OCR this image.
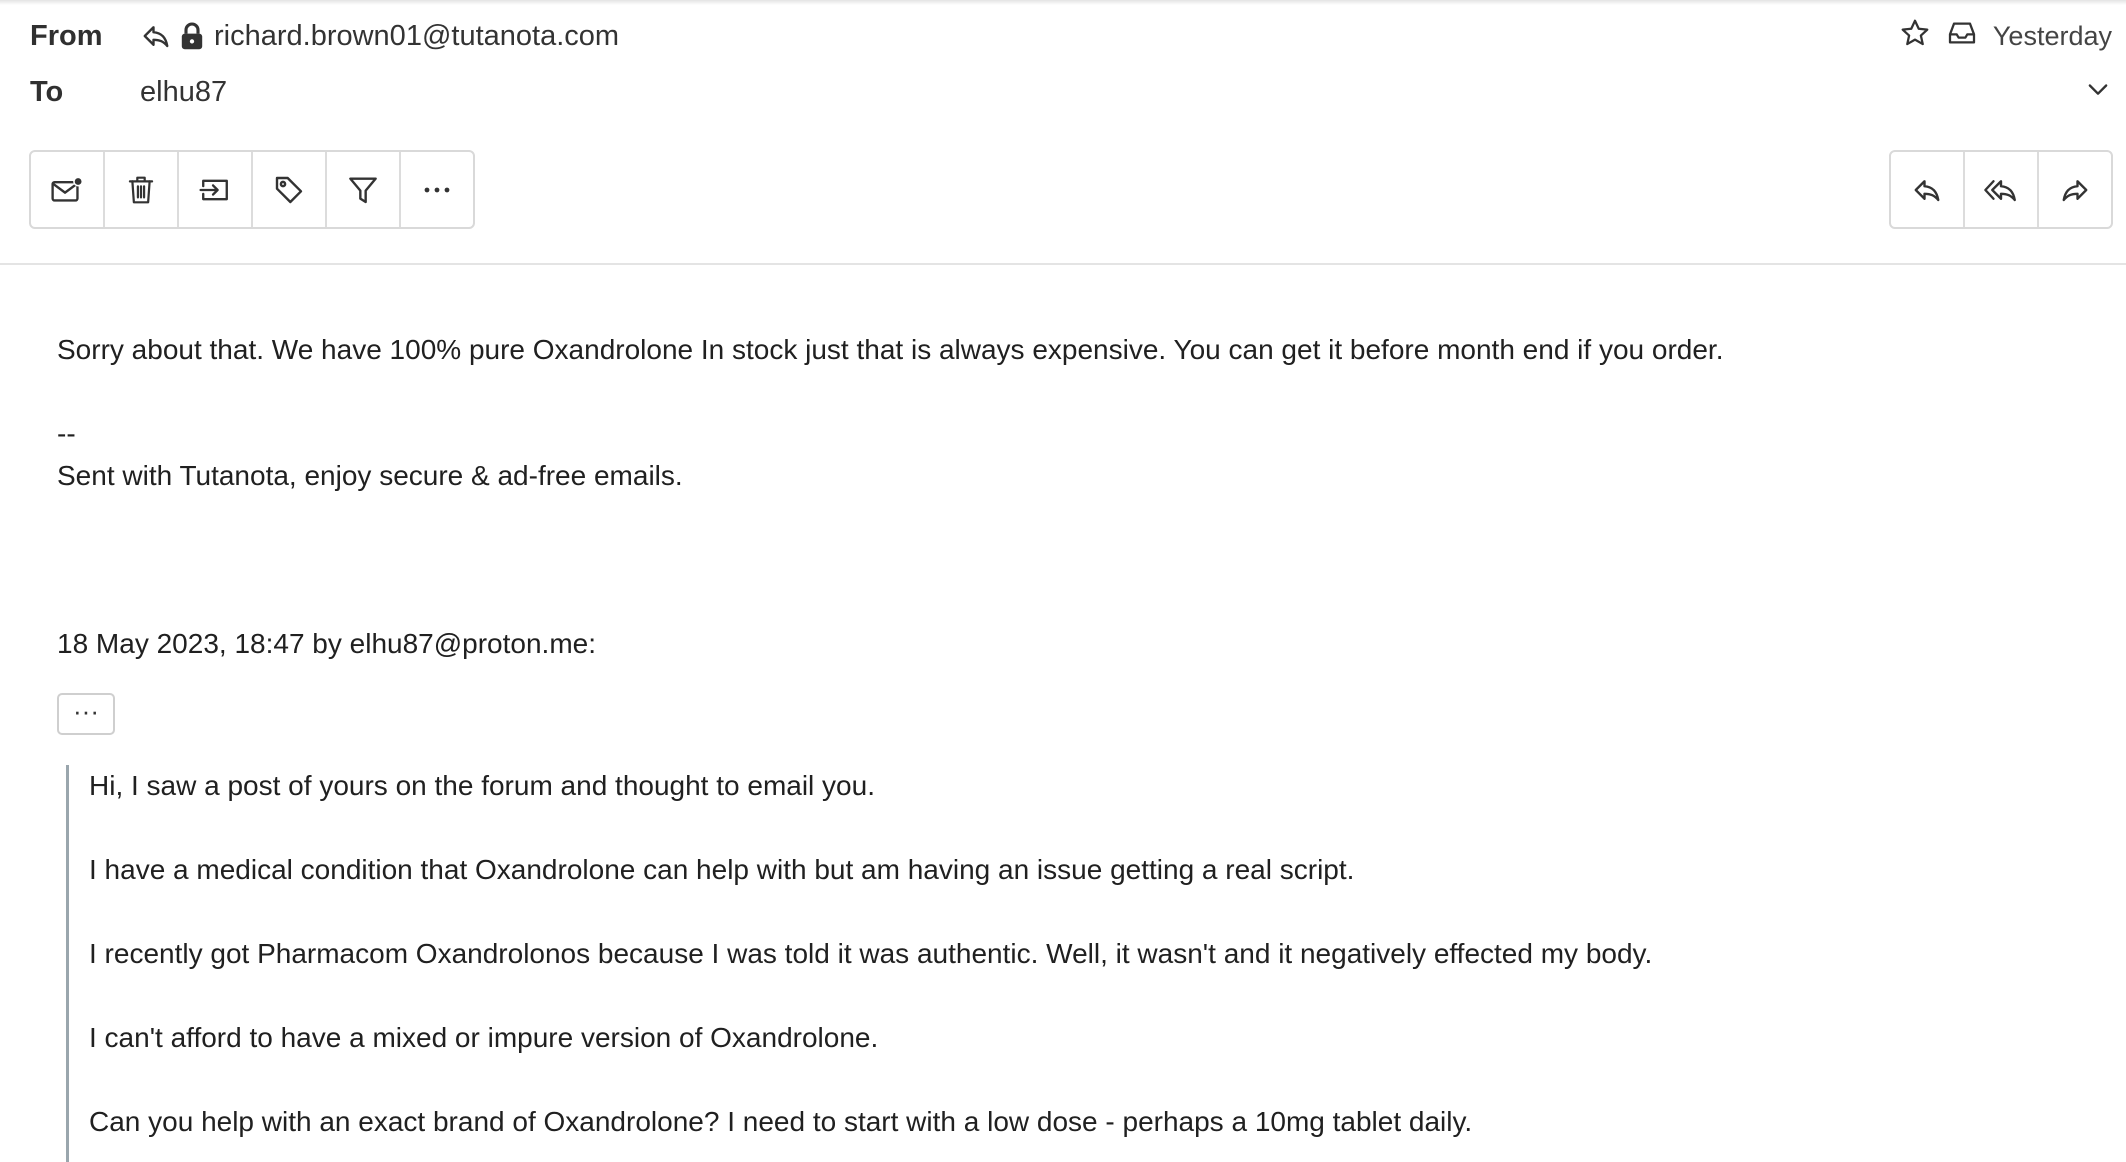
From	richard.brown01@tutanota.com	Yesterday
To	elhu87
Sorry about that. We have 100% pure Oxandrolone In stock just that is always expensive. You can get it before month end if you order.
--
Sent with Tutanota, enjoy secure & ad-free emails.
18 May 2023, 18:47 by elhu87@proton.me:
···
Hi, I saw a post of yours on the forum and thought to email you.
I have a medical condition that Oxandrolone can help with but am having an issue getting a real script.
I recently got Pharmacom Oxandrolonos because I was told it was authentic. Well, it wasn't and it negatively effected my body.
I can't afford to have a mixed or impure version of Oxandrolone.
Can you help with an exact brand of Oxandrolone? I need to start with a low dose - perhaps a 10mg tablet daily.
